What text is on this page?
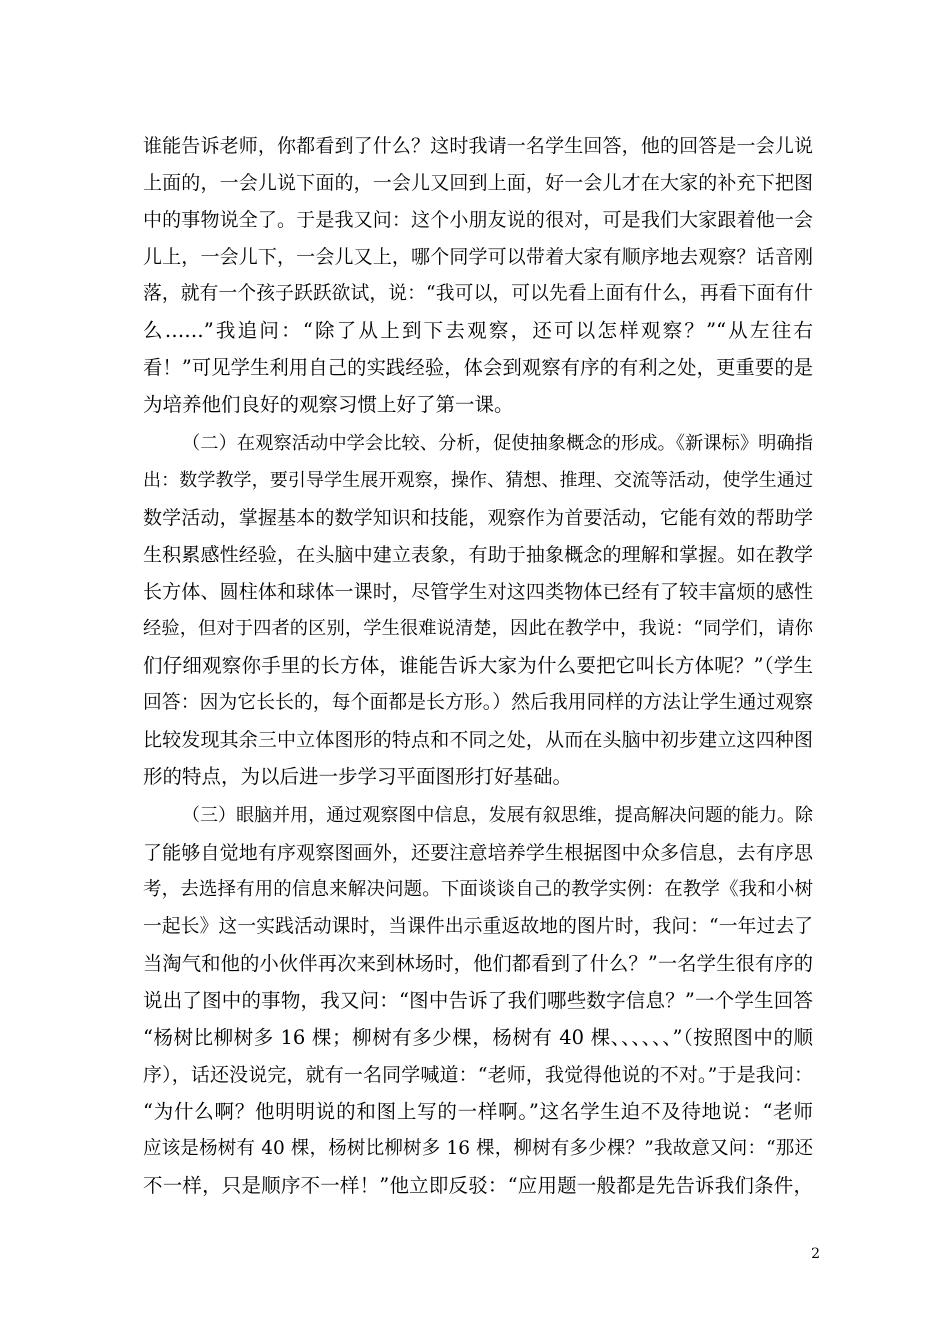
谁能告诉老师，你都看到了什么？这时我请一名学生回答，他的回答是一会儿说
上面的，一会儿说下面的，一会儿又回到上面，好一会儿才在大家的补充下把图
中的事物说全了。于是我又问：这个小朋友说的很对，可是我们大家跟着他一会
儿上，一会儿下，一会儿又上，哪个同学可以带着大家有顺序地去观察？话音刚
落，就有一个孩子跃跃欲试，说：“我可以，可以先看上面有什么，再看下面有什
么……”我追问：“除了从上到下去观察，还可以怎样观察？”“从左往右
看！”可见学生利用自己的实践经验，体会到观察有序的有利之处，更重要的是
为培养他们良好的观察习惯上好了第一课。
（二）在观察活动中学会比较、分析，促使抽象概念的形成。《新课标》明确指
出：数学教学，要引导学生展开观察，操作、猜想、推理、交流等活动，使学生通过
数学活动，掌握基本的数学知识和技能，观察作为首要活动，它能有效的帮助学
生积累感性经验，在头脑中建立表象，有助于抽象概念的理解和掌握。如在教学
长方体、圆柱体和球体一课时，尽管学生对这四类物体已经有了较丰富烦的感性
经验，但对于四者的区别，学生很难说清楚，因此在教学中，我说：“同学们，请你
们仔细观察你手里的长方体，谁能告诉大家为什么要把它叫长方体呢？”（学生
回答：因为它长长的，每个面都是长方形。）然后我用同样的方法让学生通过观察
比较发现其余三中立体图形的特点和不同之处，从而在头脑中初步建立这四种图
形的特点，为以后进一步学习平面图形打好基础。
（三）眼脑并用，通过观察图中信息，发展有叙思维，提高解决问题的能力。除
了能够自觉地有序观察图画外，还要注意培养学生根据图中众多信息，去有序思
考，去选择有用的信息来解决问题。下面谈谈自己的教学实例：在教学《我和小树
一起长》这一实践活动课时，当课件出示重返故地的图片时，我问：“一年过去了
当淘气和他的小伙伴再次来到林场时，他们都看到了什么？”一名学生很有序的
说出了图中的事物，我又问：“图中告诉了我们哪些数字信息？”一个学生回答
“杨树比柳树多 16 棵；柳树有多少棵，杨树有 40 棵、、、、、、”（按照图中的顺
序），话还没说完，就有一名同学喊道：“老师，我觉得他说的不对。”于是我问：
“为什么啊？他明明说的和图上写的一样啊。”这名学生迫不及待地说：“老师
应该是杨树有 40 棵，杨树比柳树多 16 棵，柳树有多少棵？”我故意又问：“那还
不一样，只是顺序不一样！”他立即反驳：“应用题一般都是先告诉我们条件，
2
